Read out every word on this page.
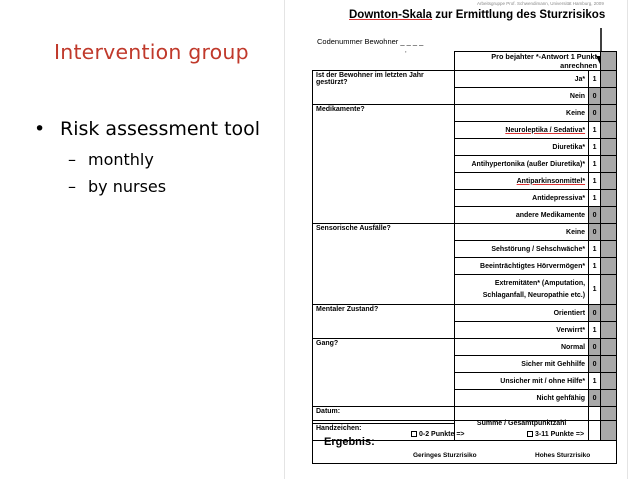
Intervention group
• Risk assessment tool
– monthly
– by nurses
Arbeitsgruppe Prof. Schwendimann, Universität Hamburg, 2009
Downton-Skala zur Ermittlung des Sturzrisikos
Codenummer Bewohner _ _ _ _
,
	Pro bejahter *-Antwort 1 Punkt anrechnen		
Ist der Bewohner im letzten Jahr gestürzt?	Ja*	1	
	Nein	0	
Medikamente?	Keine	0	
	Neuroleptika / Sedativa*	1	
	Diuretika*	1	
	Antihypertonika (außer Diuretika)*	1	
	Antiparkinsonmittel*	1	
	Antidepressiva*	1	
	andere Medikamente	0	
Sensorische Ausfälle?	Keine	0	
	Sehstörung / Sehschwäche*	1	
	Beeinträchtigtes Hörvermögen*	1	

	Extremitäten* (Amputation,
Schlaganfall, Neuropathie etc.)	1	
Mentaler Zustand?	Orientiert	0	
	Verwirrt*	1	
Gang?	Normal	0	
	Sicher mit Gehhilfe	0	
	Unsicher mit / ohne Hilfe*	1	
	Nicht gehfähig	0	
Datum:	Summe / Gesamtpunktzahl		
Handzeichen:			
Ergebnis:
0-2 Punkte =>
Geringes Sturzrisiko
3-11 Punkte =>
Hohes Sturzrisiko
